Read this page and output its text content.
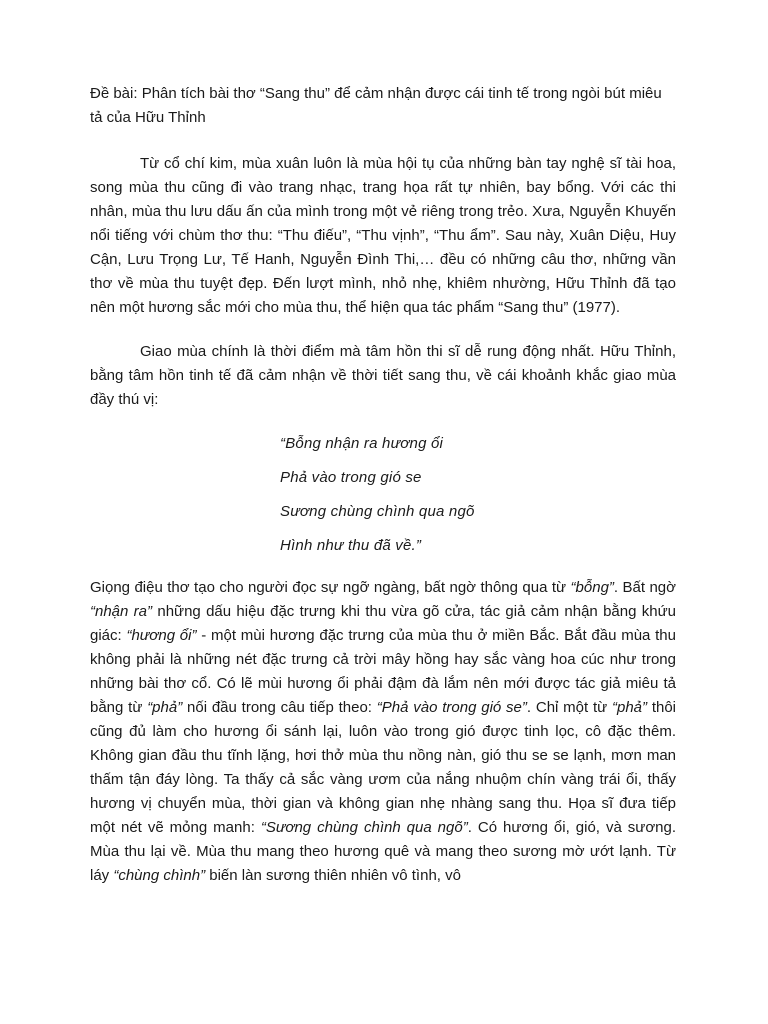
Đề bài: Phân tích bài thơ “Sang thu” để cảm nhận được cái tinh tế trong ngòi bút miêu tả của Hữu Thỉnh

Từ cổ chí kim, mùa xuân luôn là mùa hội tụ của những bàn tay nghệ sĩ tài hoa, song mùa thu cũng đi vào trang nhạc, trang họa rất tự nhiên, bay bổng. Với các thi nhân, mùa thu lưu dấu ấn của mình trong một vẻ riêng trong trẻo. Xưa, Nguyễn Khuyến nổi tiếng với chùm thơ thu: “Thu điếu”, “Thu vịnh”, “Thu ẩm”. Sau này, Xuân Diệu, Huy Cận, Lưu Trọng Lư, Tế Hanh, Nguyễn Đình Thi,… đều có những câu thơ, những vần thơ về mùa thu tuyệt đẹp. Đến lượt mình, nhỏ nhẹ, khiêm nhường, Hữu Thỉnh đã tạo nên một hương sắc mới cho mùa thu, thể hiện qua tác phẩm “Sang thu” (1977).

Giao mùa chính là thời điểm mà tâm hồn thi sĩ dễ rung động nhất. Hữu Thỉnh, bằng tâm hồn tinh tế đã cảm nhận về thời tiết sang thu, về cái khoảnh khắc giao mùa đầy thú vị:

“Bỗng nhận ra hương ổi
Phả vào trong gió se
Sương chùng chình qua ngõ
Hình như thu đã về.”

Giọng điệu thơ tạo cho người đọc sự ngỡ ngàng, bất ngờ thông qua từ “bỗng”. Bất ngờ “nhận ra” những dấu hiệu đặc trưng khi thu vừa gõ cửa, tác giả cảm nhận bằng khứu giác: “hương ổi” - một mùi hương đặc trưng của mùa thu ở miền Bắc. Bắt đầu mùa thu không phải là những nét đặc trưng cả trời mây hồng hay sắc vàng hoa cúc như trong những bài thơ cổ. Có lẽ mùi hương ổi phải đậm đà lắm nên mới được tác giả miêu tả bằng từ “phả” nối đầu trong câu tiếp theo: “Phả vào trong gió se”. Chỉ một từ “phả” thôi cũng đủ làm cho hương ổi sánh lại, luôn vào trong gió được tinh lọc, cô đặc thêm. Không gian đầu thu tĩnh lặng, hơi thở mùa thu nồng nàn, gió thu se se lạnh, mơn man thấm tận đáy lòng. Ta thấy cả sắc vàng ươm của nắng nhuộm chín vàng trái ổi, thấy hương vị chuyển mùa, thời gian và không gian nhẹ nhàng sang thu. Họa sĩ đưa tiếp một nét vẽ mỏng manh: “Sương chùng chình qua ngõ”. Có hương ổi, gió, và sương. Mùa thu lại về. Mùa thu mang theo hương quê và mang theo sương mờ ướt lạnh. Từ láy “chùng chình” biến làn sương thiên nhiên vô tình, vô
